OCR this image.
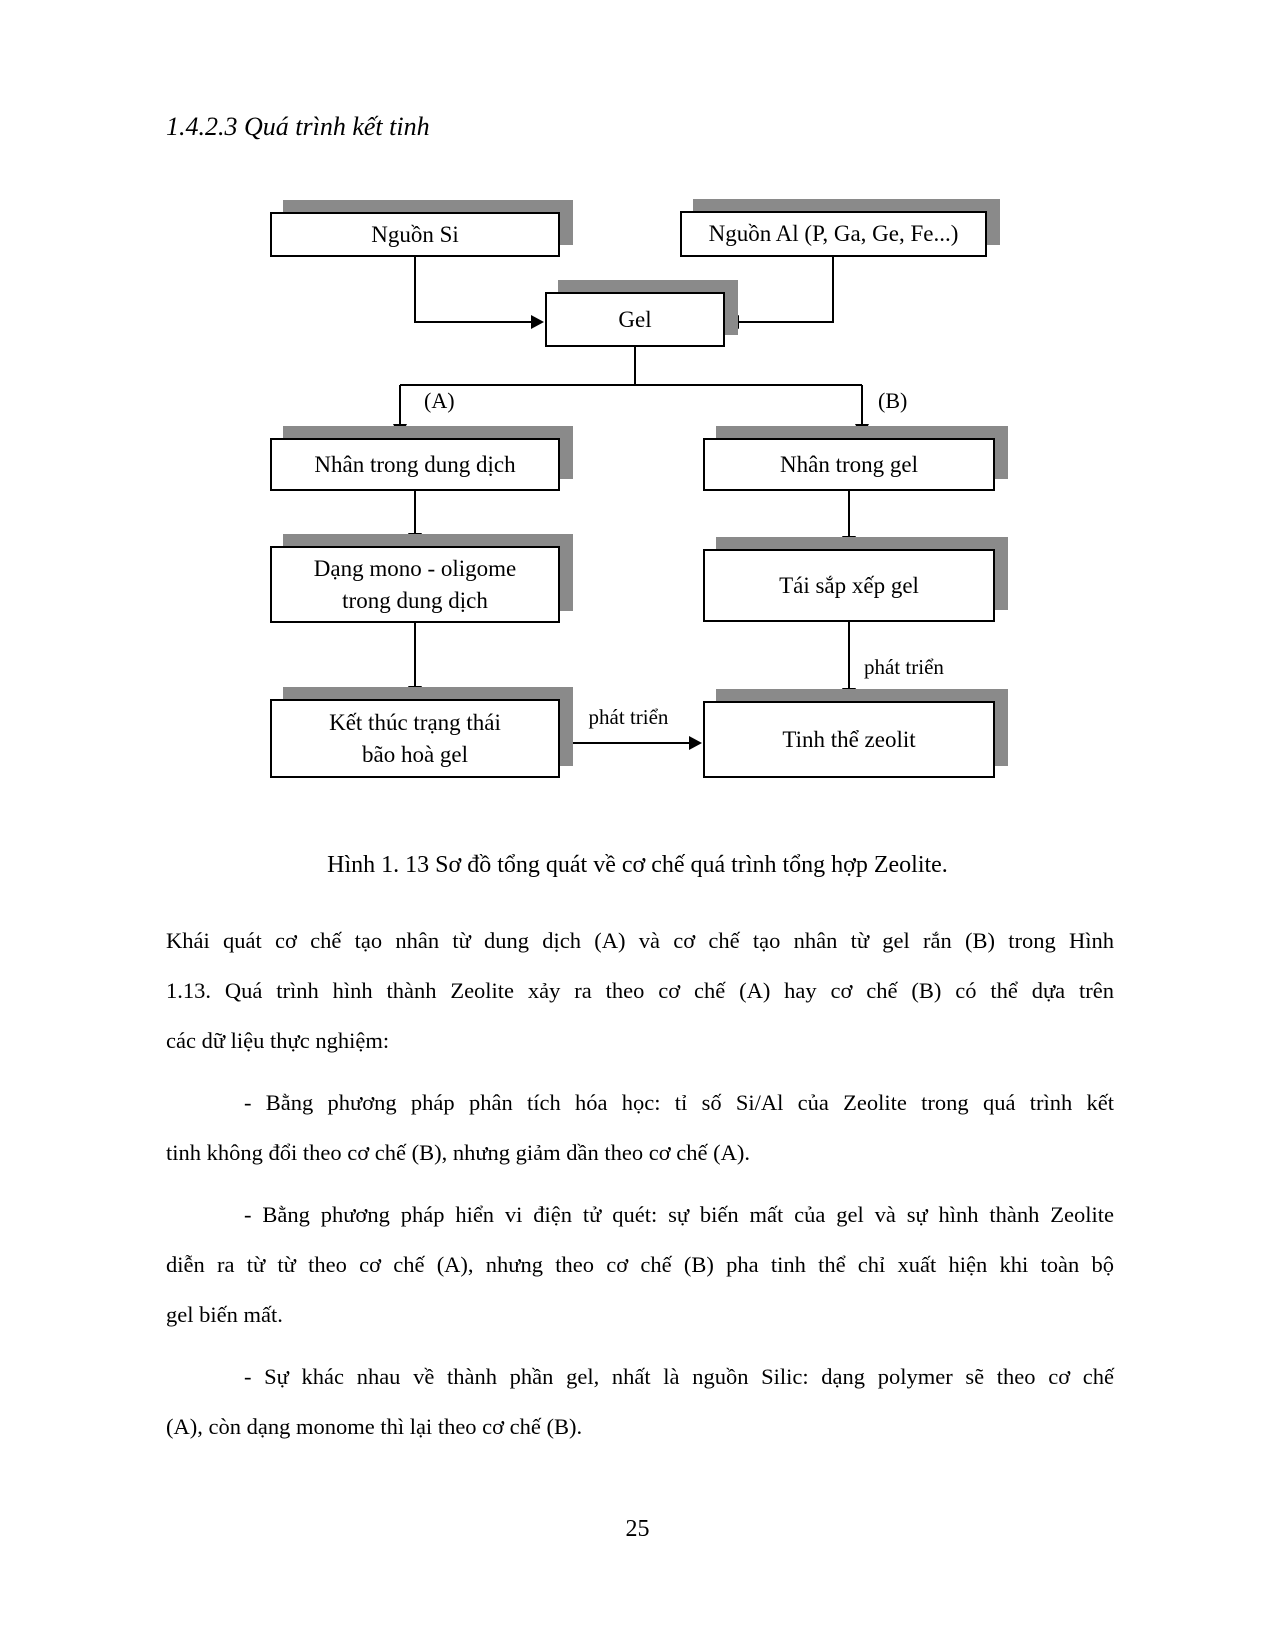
1.4.2.3 Quá trình kết tinh
Nguồn Si	Nguồn Al (P, Ga, Ge, Fe...)
Gel
(A)	(B)
Nhân trong dung dịch	Nhân trong gel
Dạng mono - oligome
trong dung dịch
Tái sắp xếp gel
phát triển
Kết thúc trạng thái
bão hoà gel
phát triển
Tinh thể zeolit
Hình 1. 13 Sơ đồ tổng quát về cơ chế quá trình tổng hợp Zeolite.
Khái quát cơ chế tạo nhân từ dung dịch (A) và cơ chế tạo nhân từ gel rắn (B) trong Hình
1.13. Quá trình hình thành Zeolite xảy ra theo cơ chế (A) hay cơ chế (B) có thể dựa trên
các dữ liệu thực nghiệm:
- Bằng phương pháp phân tích hóa học: tỉ số Si/Al của Zeolite trong quá trình kết
tinh không đổi theo cơ chế (B), nhưng giảm dần theo cơ chế (A).
- Bằng phương pháp hiển vi điện tử quét: sự biến mất của gel và sự hình thành Zeolite
diễn ra từ từ theo cơ chế (A), nhưng theo cơ chế (B) pha tinh thể chỉ xuất hiện khi toàn bộ
gel biến mất.
- Sự khác nhau về thành phần gel, nhất là nguồn Silic: dạng polymer sẽ theo cơ chế
(A), còn dạng monome thì lại theo cơ chế (B).
25
